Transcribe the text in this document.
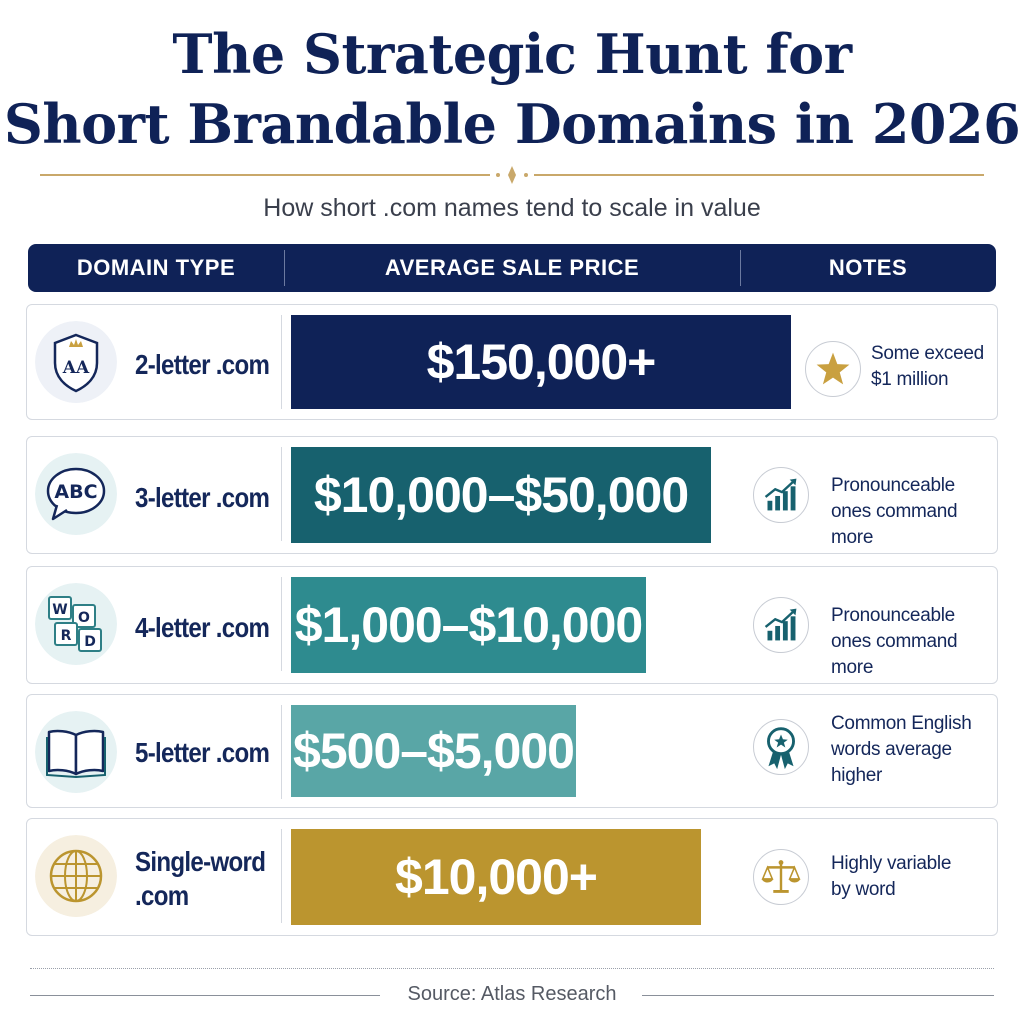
The Strategic Hunt for
Short Brandable Domains in 2026
How short .com names tend to scale in value
DOMAIN TYPE	AVERAGE SALE PRICE	NOTES
AA 2-letter .com	$150,000+	Some exceed
$1 million
ABC 3-letter .com $10,000–$50,000	Pronounceable
ones command more
W O
R D 4-letter .com $1,000–$10,000	Pronounceable
ones command more
5-letter .com $500–$5,000	Common English
words average
higher
Single-word .com	$10,000+	Highly variable
by word
Source: Atlas Research
